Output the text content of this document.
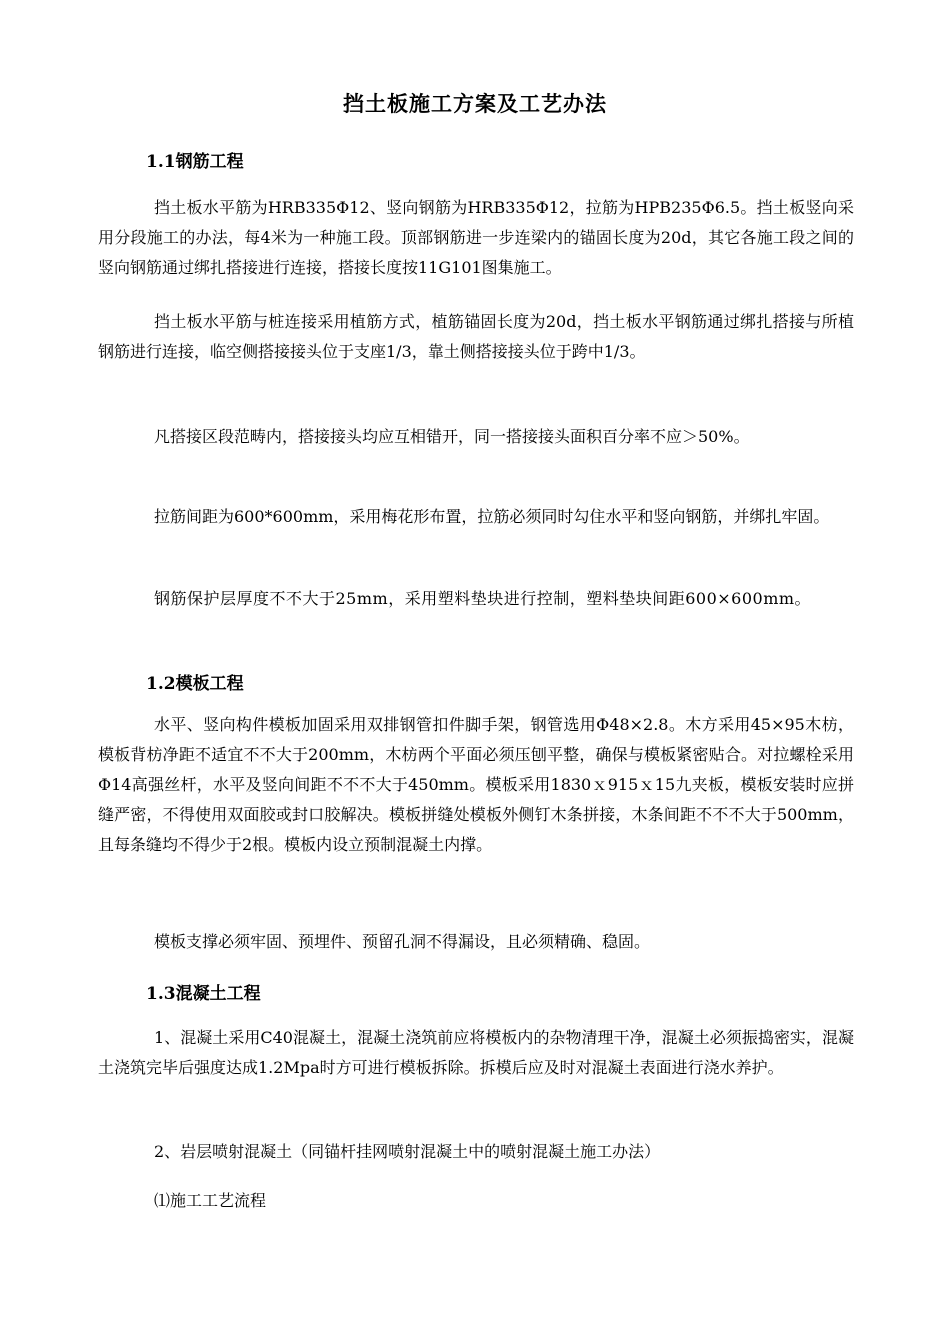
挡土板施工方案及工艺办法
1.1钢筋工程
挡土板水平筋为HRB335Φ12、竖向钢筋为HRB335Φ12，拉筋为HPB235Φ6.5。挡土板竖向采用分段施工的办法，每4米为一种施工段。顶部钢筋进一步连梁内的锚固长度为20d，其它各施工段之间的竖向钢筋通过绑扎搭接进行连接，搭接长度按11G101图集施工。
挡土板水平筋与桩连接采用植筋方式，植筋锚固长度为20d，挡土板水平钢筋通过绑扎搭接与所植钢筋进行连接，临空侧搭接接头位于支座1/3，靠土侧搭接接头位于跨中1/3。
凡搭接区段范畴内，搭接接头均应互相错开，同一搭接接头面积百分率不应＞50%。
拉筋间距为600*600mm，采用梅花形布置，拉筋必须同时勾住水平和竖向钢筋，并绑扎牢固。
钢筋保护层厚度不不大于25mm，采用塑料垫块进行控制，塑料垫块间距600×600mm。
1.2模板工程
水平、竖向构件模板加固采用双排钢管扣件脚手架，钢管选用Φ48×2.8。木方采用45×95木枋，模板背枋净距不适宜不不大于200mm，木枋两个平面必须压刨平整，确保与模板紧密贴合。对拉螺栓采用Φ14高强丝杆，水平及竖向间距不不不大于450mm。模板采用1830ｘ915ｘ15九夹板，模板安装时应拼缝严密，不得使用双面胶或封口胶解决。模板拼缝处模板外侧钉木条拼接，木条间距不不不大于500mm，且每条缝均不得少于2根。模板内设立预制混凝土内撑。
模板支撑必须牢固、预埋件、预留孔洞不得漏设，且必须精确、稳固。
1.3混凝土工程
1、混凝土采用C40混凝土，混凝土浇筑前应将模板内的杂物清理干净，混凝土必须振捣密实，混凝土浇筑完毕后强度达成1.2Mpa时方可进行模板拆除。拆模后应及时对混凝土表面进行浇水养护。
2、岩层喷射混凝土（同锚杆挂网喷射混凝土中的喷射混凝土施工办法）
⑴施工工艺流程
